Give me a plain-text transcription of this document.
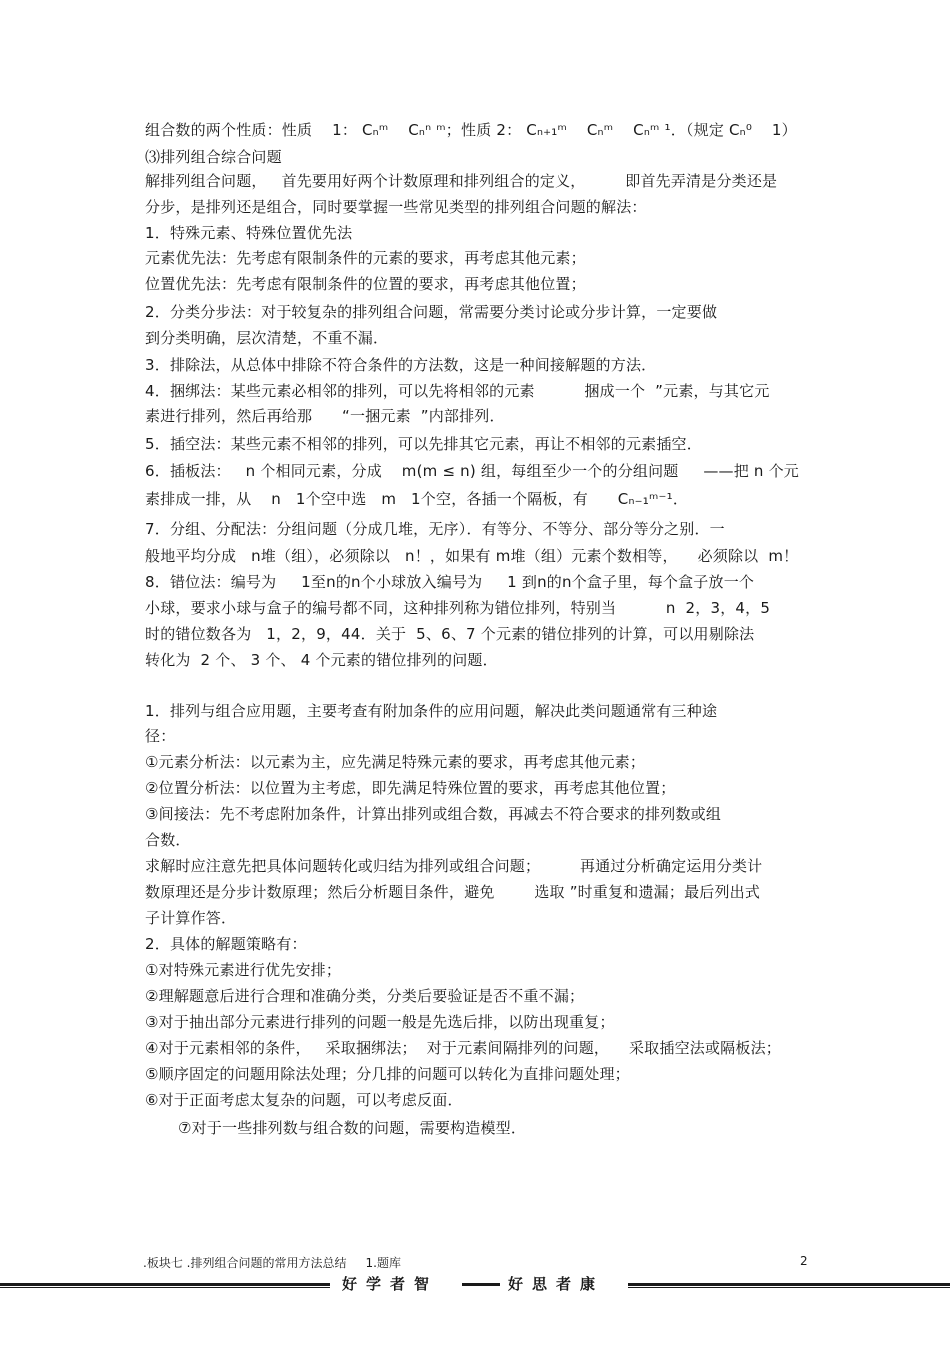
组合数的两个性质：性质    1： Cₙᵐ    Cₙⁿ ᵐ；性质 2： Cₙ₊₁ᵐ    Cₙᵐ    Cₙᵐ ¹．（规定 Cₙ⁰    1）
⑶排列组合综合问题
解排列组合问题，   首先要用好两个计数原理和排列组合的定义，        即首先弄清是分类还是
分步，是排列还是组合，同时要掌握一些常见类型的排列组合问题的解法：
1．特殊元素、特殊位置优先法
元素优先法：先考虑有限制条件的元素的要求，再考虑其他元素；
位置优先法：先考虑有限制条件的位置的要求，再考虑其他位置；
2．分类分步法：对于较复杂的排列组合问题，常需要分类讨论或分步计算，一定要做
到分类明确，层次清楚，不重不漏．
3．排除法，从总体中排除不符合条件的方法数，这是一种间接解题的方法．
4．捆绑法：某些元素必相邻的排列，可以先将相邻的元素          捆成一个  ”元素，与其它元
素进行排列，然后再给那      “一捆元素  ”内部排列．
5．插空法：某些元素不相邻的排列，可以先排其它元素，再让不相邻的元素插空．
6．插板法：   n 个相同元素，分成    m(m ≤ n) 组，每组至少一个的分组问题     ——把 n 个元
素排成一排，从    n   1个空中选   m   1个空，各插一个隔板，有      Cₙ₋₁ᵐ⁻¹．
7．分组、分配法：分组问题（分成几堆，无序）．有等分、不等分、部分等分之别．一
般地平均分成   n堆（组），必须除以   n！，如果有 m堆（组）元素个数相等，    必须除以  m！
8．错位法：编号为     1至n的n个小球放入编号为     1 到n的n个盒子里，每个盒子放一个
小球，要求小球与盒子的编号都不同，这种排列称为错位排列，特别当          n  2，3，4，5
时的错位数各为   1，2，9，44．关于  5、6、7 个元素的错位排列的计算，可以用剔除法
转化为  2 个、 3 个、 4 个元素的错位排列的问题．
1．排列与组合应用题，主要考查有附加条件的应用问题，解决此类问题通常有三种途
径：
①元素分析法：以元素为主，应先满足特殊元素的要求，再考虑其他元素；
②位置分析法：以位置为主考虑，即先满足特殊位置的要求，再考虑其他位置；
③间接法：先不考虑附加条件，计算出排列或组合数，再减去不符合要求的排列数或组
合数．
求解时应注意先把具体问题转化或归结为排列或组合问题；        再通过分析确定运用分类计
数原理还是分步计数原理；然后分析题目条件，避免        选取 ”时重复和遗漏；最后列出式
子计算作答．
2．具体的解题策略有：
①对特殊元素进行优先安排；
②理解题意后进行合理和准确分类，分类后要验证是否不重不漏；
③对于抽出部分元素进行排列的问题一般是先选后排，以防出现重复；
④对于元素相邻的条件，   采取捆绑法；  对于元素间隔排列的问题，    采取插空法或隔板法；
⑤顺序固定的问题用除法处理；分几排的问题可以转化为直排问题处理；
⑥对于正面考虑太复杂的问题，可以考虑反面．
⑦对于一些排列数与组合数的问题，需要构造模型．
.板块七 .排列组合问题的常用方法总结     1.题库	2
好学者智	好思者康
